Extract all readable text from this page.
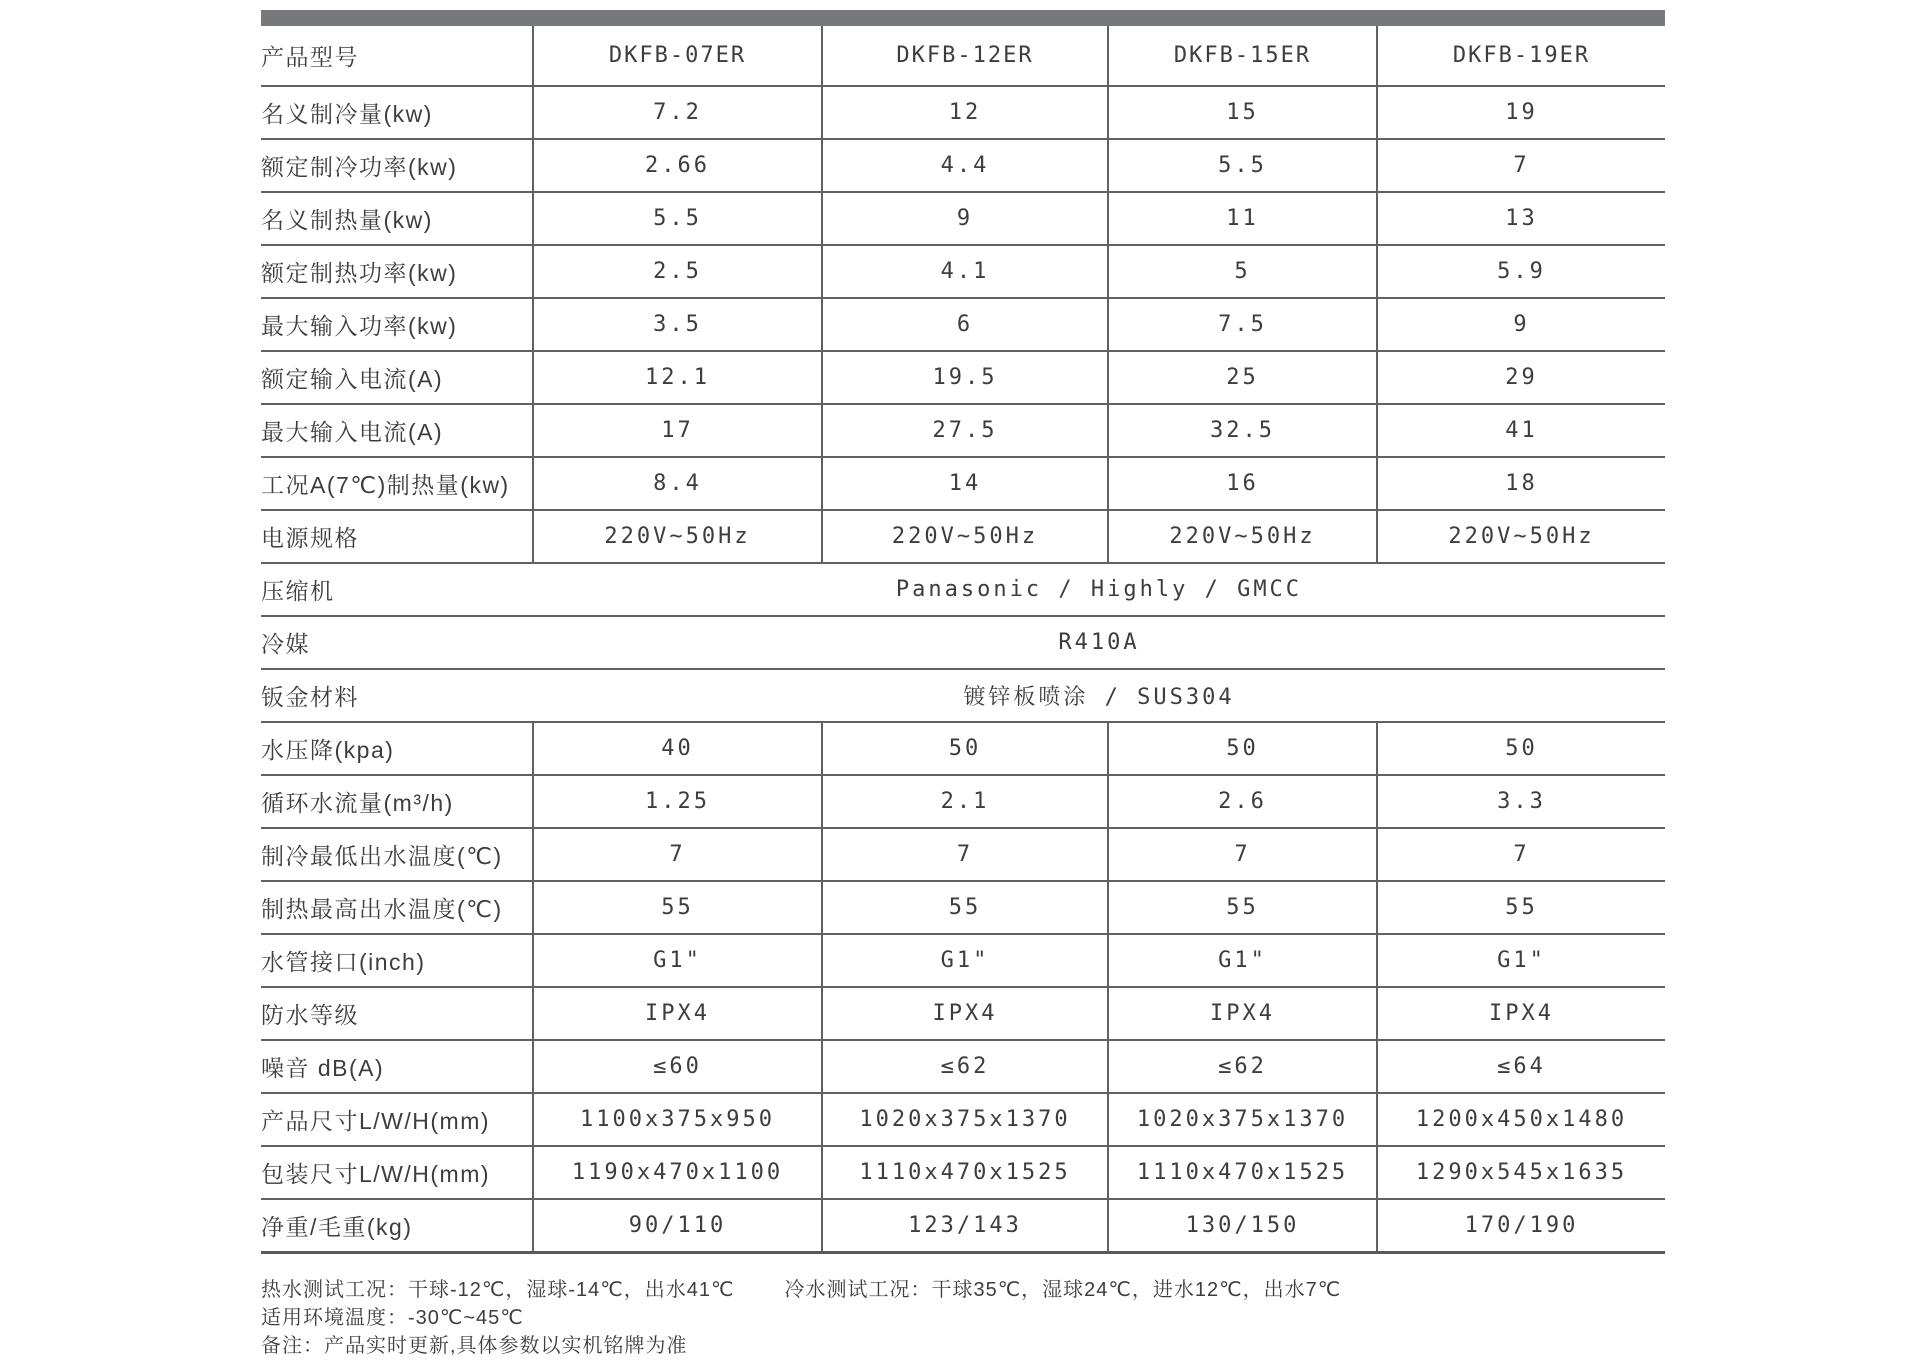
产品型号	DKFB-07ER	DKFB-12ER	DKFB-15ER	DKFB-19ER
名义制冷量(kw)	7.2	12	15	19
额定制冷功率(kw)	2.66	4.4	5.5	7
名义制热量(kw)	5.5	9	11	13
额定制热功率(kw)	2.5	4.1	5	5.9
最大输入功率(kw)	3.5	6	7.5	9
额定输入电流(A)	12.1	19.5	25	29
最大输入电流(A)	17	27.5	32.5	41
工况A(7℃)制热量(kw)	8.4	14	16	18
电源规格	220V~50Hz	220V~50Hz	220V~50Hz	220V~50Hz
压缩机	Panasonic / Highly / GMCC			
冷媒	R410A			
钣金材料	镀锌板喷涂 / SUS304			
水压降(kpa)	40	50	50	50
循环水流量(m³/h)	1.25	2.1	2.6	3.3
制冷最低出水温度(℃)	7	7	7	7
制热最高出水温度(℃)	55	55	55	55
水管接口(inch)	G1"	G1"	G1"	G1"
防水等级	IPX4	IPX4	IPX4	IPX4
噪音 dB(A)	≤60	≤62	≤62	≤64
产品尺寸L/W/H(mm)	1100x375x950	1020x375x1370	1020x375x1370	1200x450x1480
包装尺寸L/W/H(mm)	1190x470x1100	1110x470x1525	1110x470x1525	1290x545x1635
净重/毛重(kg)	90/110	123/143	130/150	170/190
热水测试工况：干球-12℃，湿球-14℃，出水41℃	冷水测试工况：干球35℃，湿球24℃，进水12℃，出水7℃
适用环境温度：-30℃~45℃
备注：产品实时更新,具体参数以实机铭牌为准
